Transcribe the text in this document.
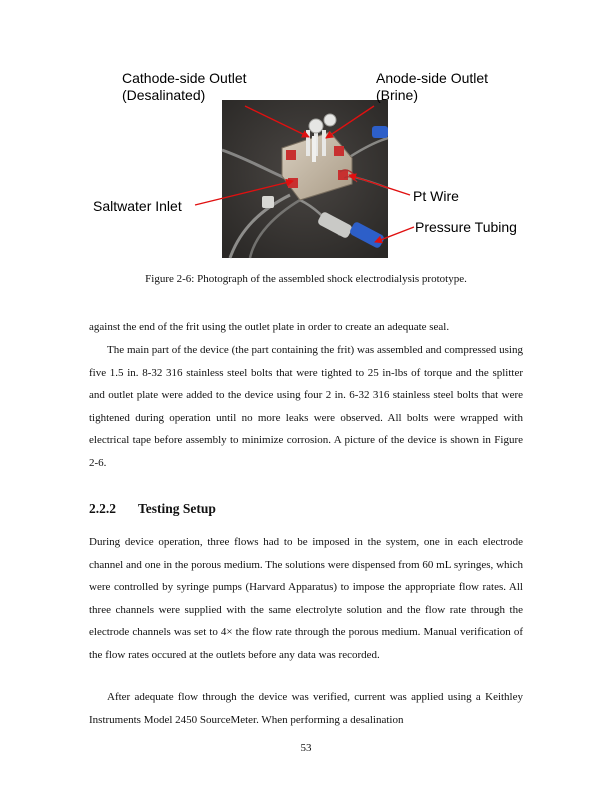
Cathode-side Outlet
(Desalinated)
Anode-side Outlet
(Brine)
Saltwater Inlet
Pt Wire
Pressure Tubing
Figure 2-6: Photograph of the assembled shock electrodialysis prototype.

against the end of the frit using the outlet plate in order to create an adequate seal.

The main part of the device (the part containing the frit) was assembled and compressed using five 1.5 in. 8-32 316 stainless steel bolts that were tighted to 25 in-lbs of torque and the splitter and outlet plate were added to the device using four 2 in. 6-32 316 stainless steel bolts that were tightened during operation until no more leaks were observed. All bolts were wrapped with electrical tape before assembly to minimize corrosion. A picture of the device is shown in Figure 2-6.

2.2.2 Testing Setup

During device operation, three flows had to be imposed in the system, one in each electrode channel and one in the porous medium. The solutions were dispensed from 60 mL syringes, which were controlled by syringe pumps (Harvard Apparatus) to impose the appropriate flow rates. All three channels were supplied with the same electrolyte solution and the flow rate through the electrode channels was set to 4× the flow rate through the porous medium. Manual verification of the flow rates occured at the outlets before any data was recorded.

After adequate flow through the device was verified, current was applied using a Keithley Instruments Model 2450 SourceMeter. When performing a desalination

53
